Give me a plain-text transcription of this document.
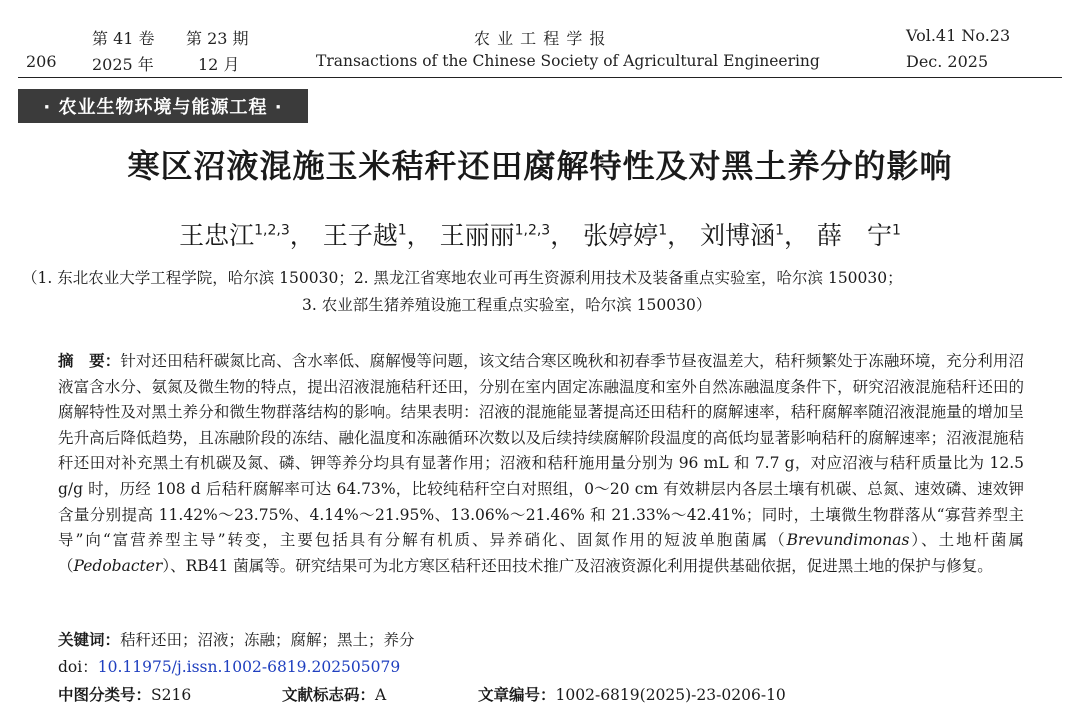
第 41 卷 第 23 期	农 业 工 程 学 报	Vol.41 No.23
206 2025 年	12 月	Transactions of the Chinese Society of Agricultural Engineering	Dec. 2025
· 农业生物环境与能源工程 ·
寒区沼液混施玉米秸秆还田腐解特性及对黑土养分的影响
王忠江$^{1,2,3}$， 王子越$^1$， 王丽丽$^{1,2,3}$， 张婷婷$^1$， 刘博涵$^1$， 薛　宁$^1$
（1. 东北农业大学工程学院，哈尔滨 150030；2. 黑龙江省寒地农业可再生资源利用技术及装备重点实验室，哈尔滨 150030；
3. 农业部生猪养殖设施工程重点实验室，哈尔滨 150030）
摘　要：针对还田秸秆碳氮比高、含水率低、腐解慢等问题，该文结合寒区晚秋和初春季节昼夜温差大，秸秆频繁处于冻融环境，充分利用沼液富含水分、氨氮及微生物的特点，提出沼液混施秸秆还田，分别在室内固定冻融温度和室外自然冻融温度条件下，研究沼液混施秸秆还田的腐解特性及对黑土养分和微生物群落结构的影响。结果表明：沼液的混施能显著提高还田秸秆的腐解速率，秸秆腐解率随沼液混施量的增加呈先升高后降低趋势，且冻融阶段的冻结、融化温度和冻融循环次数以及后续持续腐解阶段温度的高低均显著影响秸秆的腐解速率；沼液混施秸秆还田对补充黑土有机碳及氮、磷、钾等养分均具有显著作用；沼液和秸秆施用量分别为 96 mL 和 7.7 g，对应沼液与秸秆质量比为 12.5 g/g 时，历经 108 d 后秸秆腐解率可达 64.73%，比较纯秸秆空白对照组，0～20 cm 有效耕层内各层土壤有机碳、总氮、速效磷、速效钾含量分别提高 11.42%～23.75%、4.14%～21.95%、13.06%～21.46% 和 21.33%～42.41%；同时，土壤微生物群落从“寡营养型主导”向“富营养型主导”转变，主要包括具有分解有机质、异养硝化、固氮作用的短波单胞菌属（Brevundimonas）、土地杆菌属（Pedobacter）、RB41 菌属等。研究结果可为北方寒区秸秆还田技术推广及沼液资源化利用提供基础依据，促进黑土地的保护与修复。
关键词：秸秆还田；沼液；冻融；腐解；黑土；养分
doi：10.11975/j.issn.1002-6819.202505079
中图分类号：S216	文献标志码：A	文章编号：1002-6819(2025)-23-0206-10
